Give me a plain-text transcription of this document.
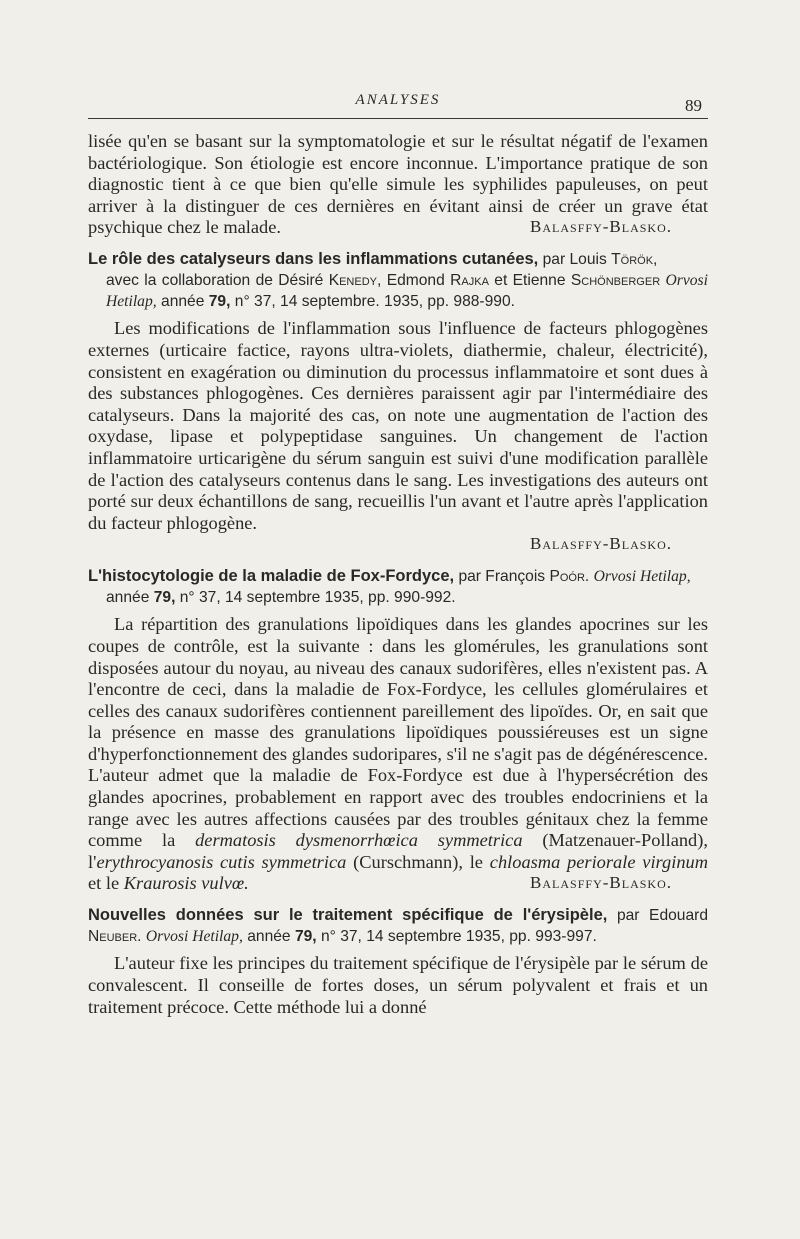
ANALYSES	89

lisée qu'en se basant sur la symptomatologie et sur le résultat négatif de l'examen bactériologique. Son étiologie est encore inconnue. L'importance pratique de son diagnostic tient à ce que bien qu'elle simule les syphilides papuleuses, on peut arriver à la distinguer de ces dernières en évitant ainsi de créer un grave état psychique chez le malade.	Balasffy-Blasko.
Le rôle des catalyseurs dans les inflammations cutanées, par Louis Török,
avec la collaboration de Désiré Kenedy, Edmond Rajka et Etienne Schönberger Orvosi Hetilap, année 79, n° 37, 14 septembre. 1935, pp. 988-990.

Les modifications de l'inflammation sous l'influence de facteurs phlogogènes externes (urticaire factice, rayons ultra-violets, diathermie, chaleur, électricité), consistent en exagération ou diminution du processus inflammatoire et sont dues à des substances phlogogènes. Ces dernières paraissent agir par l'intermédiaire des catalyseurs. Dans la majorité des cas, on note une augmentation de l'action des oxydase, lipase et polypeptidase sanguines. Un changement de l'action inflammatoire urticarigène du sérum sanguin est suivi d'une modification parallèle de l'action des catalyseurs contenus dans le sang. Les investigations des auteurs ont porté sur deux échantillons de sang, recueillis l'un avant et l'autre après l'application du facteur phlogogène.

Balasffy-Blasko.
L'histocytologie de la maladie de Fox-Fordyce, par François Poór. Orvosi Hetilap,
année 79, n° 37, 14 septembre 1935, pp. 990-992.

La répartition des granulations lipoïdiques dans les glandes apocrines sur les coupes de contrôle, est la suivante : dans les glomérules, les granulations sont disposées autour du noyau, au niveau des canaux sudorifères, elles n'existent pas. A l'encontre de ceci, dans la maladie de Fox-Fordyce, les cellules glomérulaires et celles des canaux sudorifères contiennent pareillement des lipoïdes. Or, en sait que la présence en masse des granulations lipoïdiques poussiéreuses est un signe d'hyperfonctionnement des glandes sudoripares, s'il ne s'agit pas de dégénérescence. L'auteur admet que la maladie de Fox-Fordyce est due à l'hypersécrétion des glandes apocrines, probablement en rapport avec des troubles endocriniens et la range avec les autres affections causées par des troubles génitaux chez la femme comme la dermatosis dysmenorrhœica symmetrica (Matzenauer-Polland), l'erythrocyanosis cutis symmetrica (Curschmann), le chloasma periorale virginum et le Kraurosis vulvœ.	Balasffy-Blasko.
Nouvelles données sur le traitement spécifique de l'érysipèle, par Edouard Neuber. Orvosi Hetilap, année 79, n° 37, 14 septembre 1935, pp. 993-997.

L'auteur fixe les principes du traitement spécifique de l'érysipèle par le sérum de convalescent. Il conseille de fortes doses, un sérum polyvalent et frais et un traitement précoce. Cette méthode lui a donné
